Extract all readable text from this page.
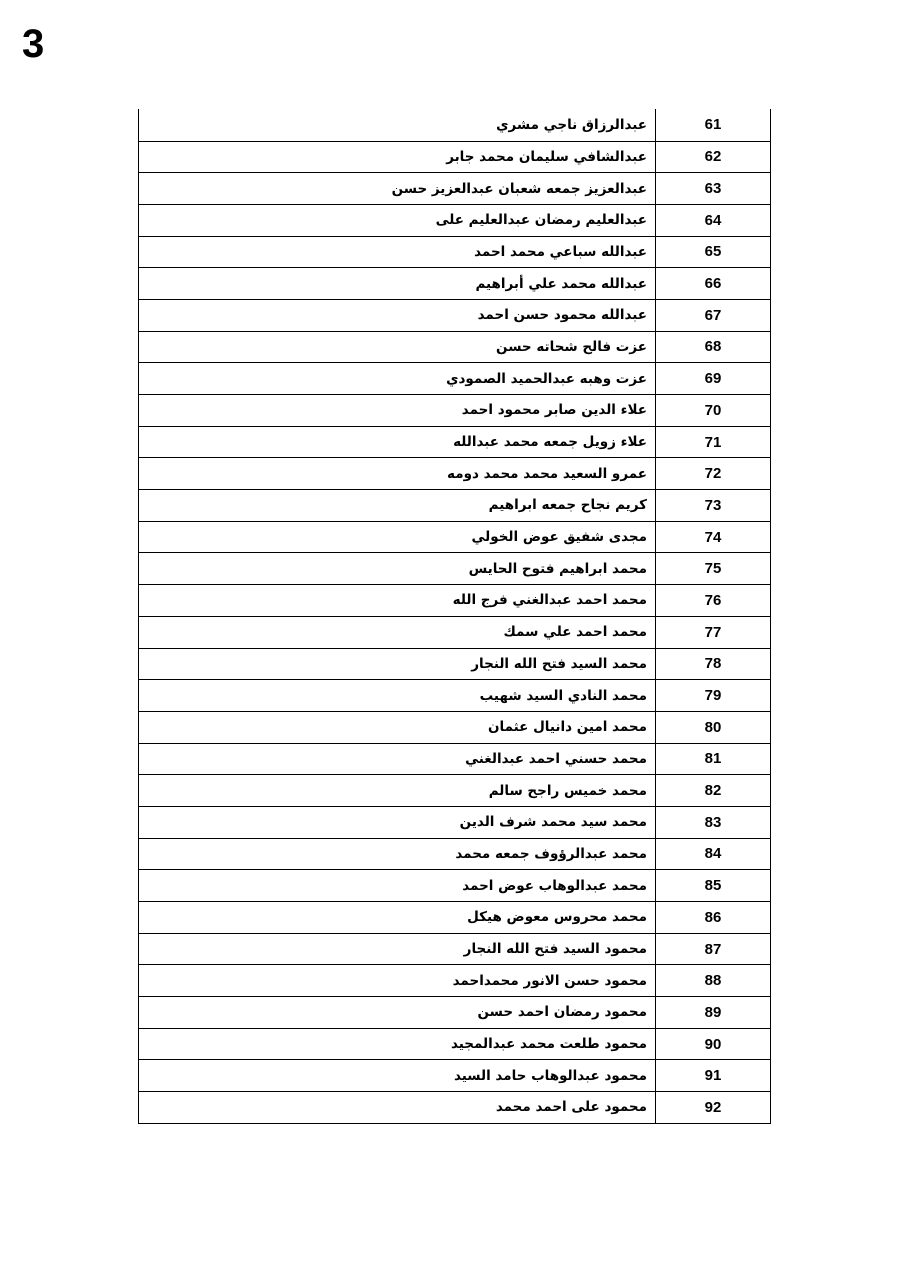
3
عبدالرزاق ناجي مشري	61
عبدالشافي سليمان محمد جابر	62
عبدالعزيز جمعه شعبان عبدالعزيز حسن	63
عبدالعليم رمضان عبدالعليم على	64
عبدالله سباعي محمد احمد	65
عبدالله محمد علي أبراهيم	66
عبدالله محمود حسن احمد	67
عزت فالح شحاته حسن	68
عزت وهبه عبدالحميد الصمودي	69
علاء الدين صابر محمود احمد	70
علاء زويل جمعه محمد عبدالله	71
عمرو السعيد محمد محمد دومه	72
كريم نجاح جمعه ابراهيم	73
مجدى شفيق عوض الخولي	74
محمد ابراهيم فتوح الحايس	75
محمد احمد عبدالغني فرج الله	76
محمد احمد علي سمك	77
محمد السيد فتح الله النجار	78
محمد النادي السيد شهيب	79
محمد امين دانيال عثمان	80
محمد حسني احمد عبدالغني	81
محمد خميس راجح سالم	82
محمد سيد محمد شرف الدين	83
محمد عبدالرؤوف جمعه محمد	84
محمد عبدالوهاب عوض احمد	85
محمد محروس معوض هيكل	86
محمود السيد فتح الله النجار	87
محمود حسن الانور محمداحمد	88
محمود رمضان احمد حسن	89
محمود طلعت محمد عبدالمجيد	90
محمود عبدالوهاب حامد السيد	91
محمود على احمد محمد	92
